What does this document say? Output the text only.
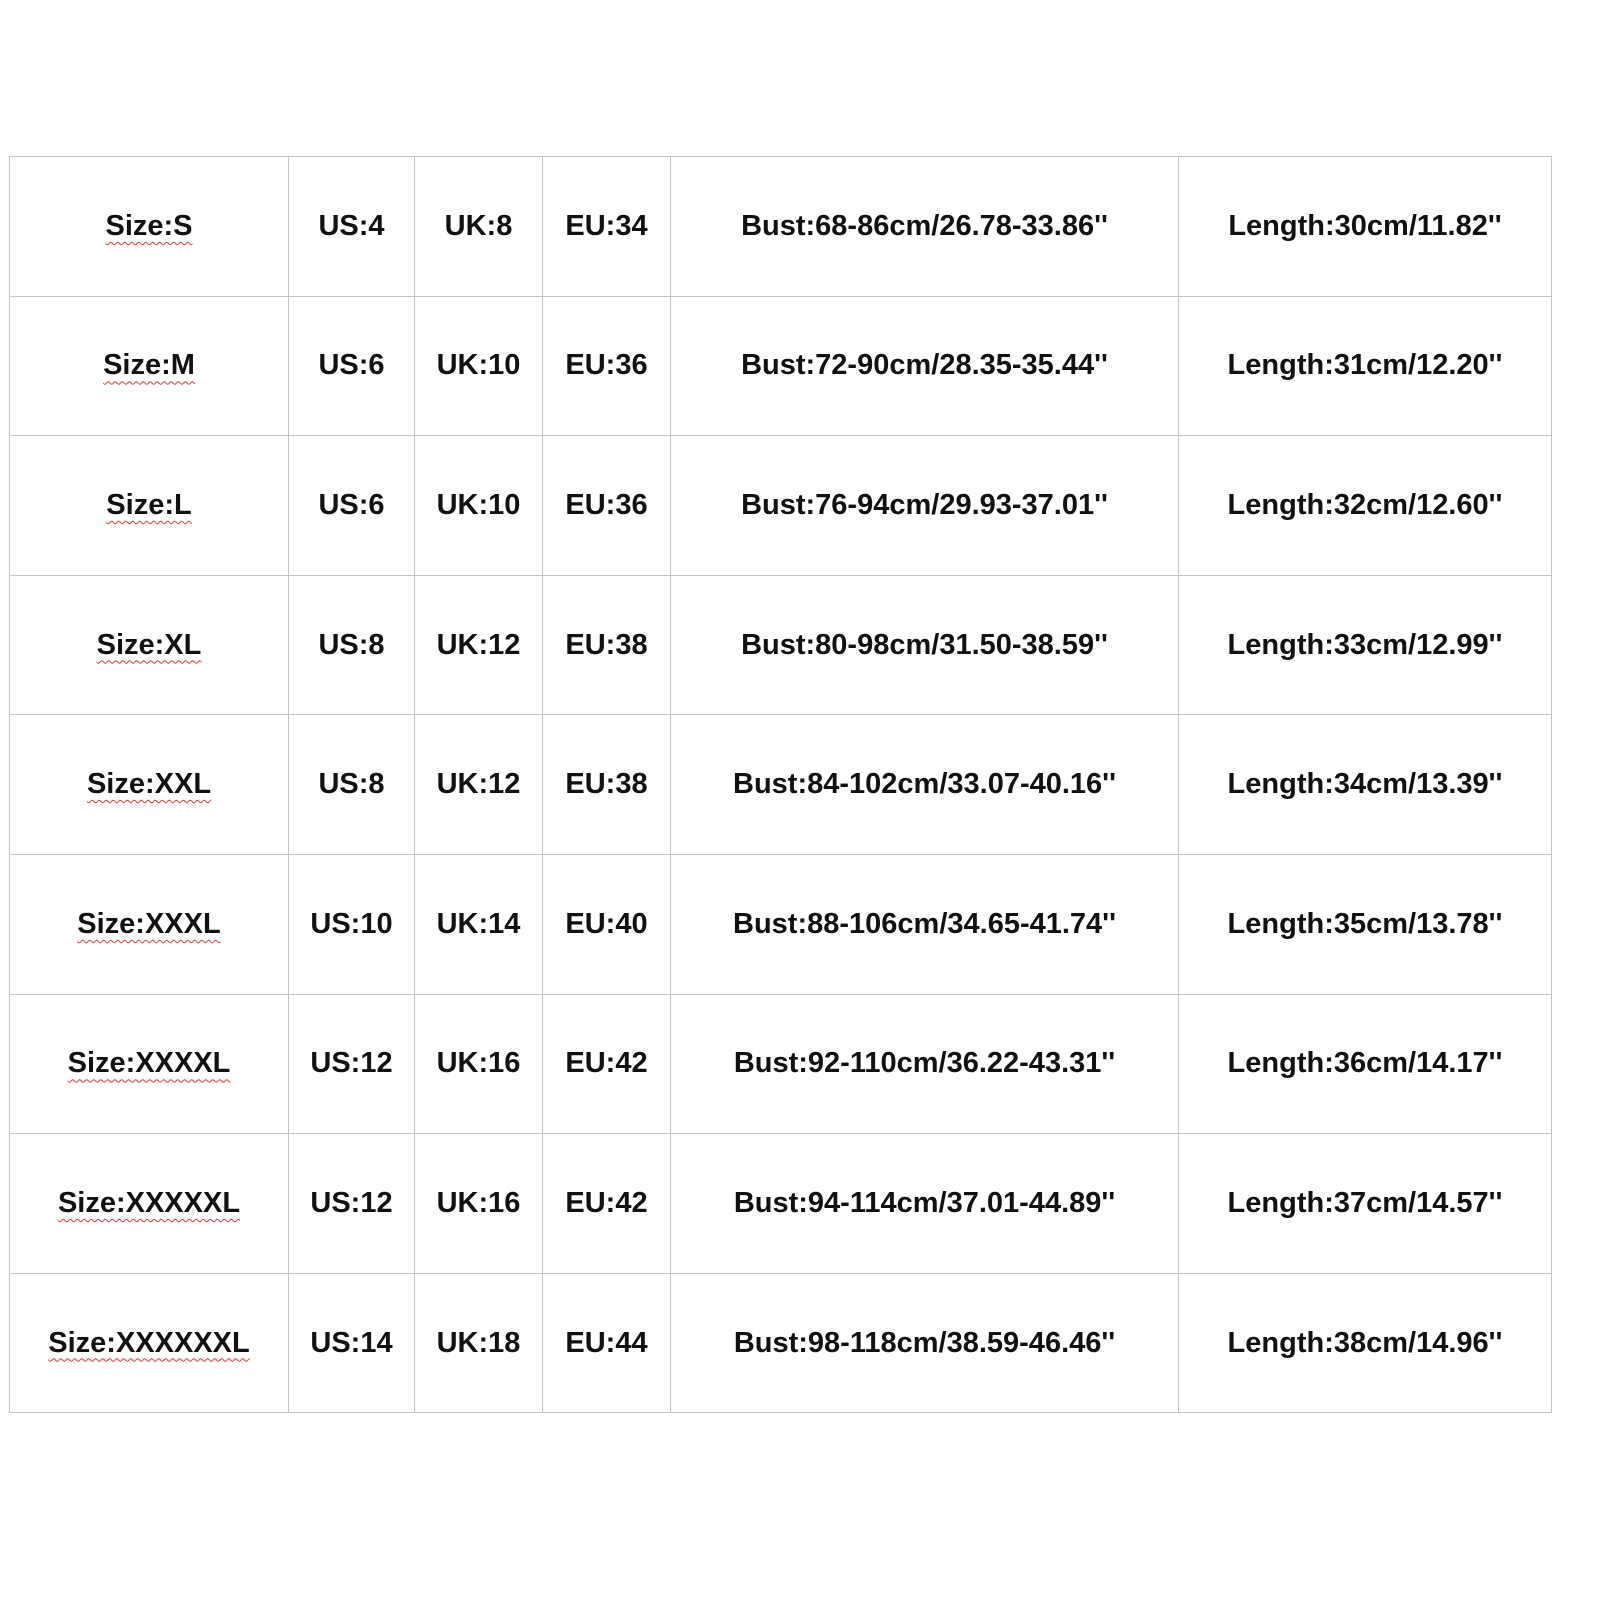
Size:S	US:4	UK:8	EU:34	Bust:68-86cm/26.78-33.86''	Length:30cm/11.82''
Size:M	US:6	UK:10	EU:36	Bust:72-90cm/28.35-35.44''	Length:31cm/12.20''
Size:L	US:6	UK:10	EU:36	Bust:76-94cm/29.93-37.01''	Length:32cm/12.60''
Size:XL	US:8	UK:12	EU:38	Bust:80-98cm/31.50-38.59''	Length:33cm/12.99''
Size:XXL	US:8	UK:12	EU:38	Bust:84-102cm/33.07-40.16''	Length:34cm/13.39''
Size:XXXL	US:10	UK:14	EU:40	Bust:88-106cm/34.65-41.74''	Length:35cm/13.78''
Size:XXXXL	US:12	UK:16	EU:42	Bust:92-110cm/36.22-43.31''	Length:36cm/14.17''
Size:XXXXXL	US:12	UK:16	EU:42	Bust:94-114cm/37.01-44.89''	Length:37cm/14.57''
Size:XXXXXXL	US:14	UK:18	EU:44	Bust:98-118cm/38.59-46.46''	Length:38cm/14.96''
